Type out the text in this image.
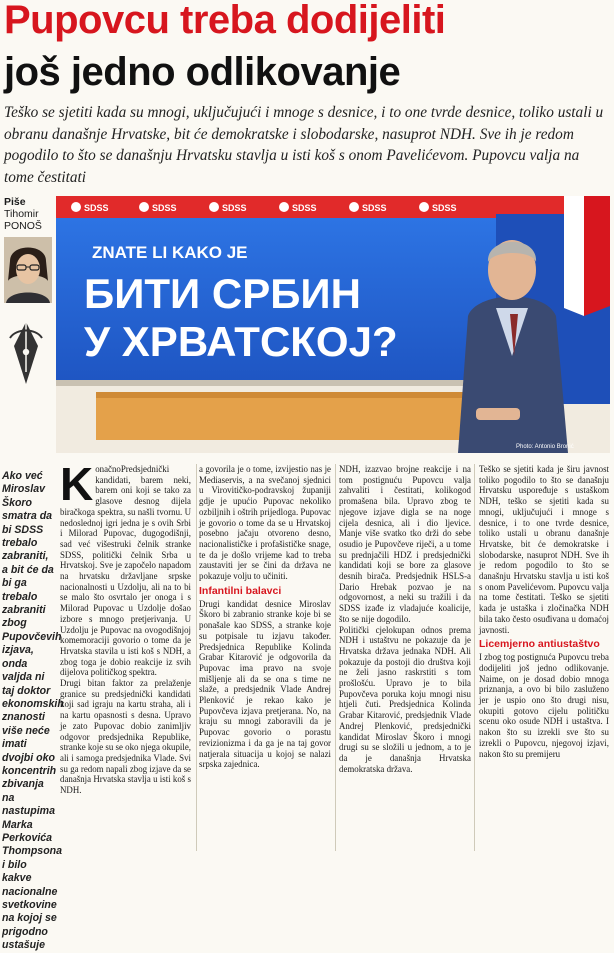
Pupovcu treba dodijeliti
još jedno odlikovanje
Teško se sjetiti kada su mnogi, uključujući i mnoge s desnice, i to one tvrde desnice, toliko ustali u obranu današnje Hrvatske, bit će demokratske i slobodarske, nasuprot NDH. Sve ih je redom pogodilo to što se današnju Hrvatsku stavlja u isti koš s onom Pavelićevom. Pupovcu valja na tome čestitati
Piše
Tihomir
PONOŠ
SDSS	SDSS	SDSS	SDSS	SDSS	SDSS
ZNATE LI KAKO JE
БИТИ СРБИН
У ХРВАТСКОЈ?
Photo: Antonio Bronić
Ako već Miroslav Škoro smatra da bi SDSS trebalo zabraniti, a bit će da bi ga trebalo zabraniti zbog Pupovčevih izjava, onda valjda ni taj doktor ekonomskih znanosti više neće imati dvojbi oko koncentrih zbivanja na nastupima Marka Perkovića Thompsona i bilo kakve nacionalne svetkovine na kojoj se prigodno ustašuje
K onačnoPredsjednički kandidati, barem neki, barem oni koji se tako za glasove desnog dijela biračkoga spektra, su našli tvornu. U nedoslednoj igri jedna je s ovih Srbi i Milorad Pupovac, dugogodišnji, sad već višestruki čelnik stranke SDSS, politički čelnik Srba u Hrvatskoj. Sve je započelo napadom na hrvatsku državljane srpske nacionalnosti u Uzdolju, ali na to bi se malo što osvrtalo jer onoga i s Milorad Pupovac u Uzdolje došao izbore s mnogo pretjerivanja. U Uzdolju je Pupovac na ovogodišnjoj komemoraciji govorio o tome da je Hrvatska stavila u isti koš s NDH, a zbog toga je dobio reakcije iz svih dijelova političkog spektra.

Drugi bitan faktor za prelaženje granice su predsjednički kandidati koji sad igraju na kartu straha, ali i na kartu opasnosti s desna. Upravo je zato Pupovac dobio zanimljiv odgovor predsjednika Republike, stranke koje su se oko njega okupile, ali i samoga predsjednika Vlade. Svi su ga redom napali zbog izjave da se današnja Hrvatska stavlja u isti koš s NDH.

a govorila je o tome, izvijestio nas je Mediaservis, a na svečanoj sjednici u Virovitičko-podravskoj županiji gdje je upućio Pupovac nekoliko ozbiljnih i oštrih prijedloga. Pupovac je govorio o tome da se u Hrvatskoj posebno jačaju otvoreno desno, nacionalističke i profašističke snage, te da je došlo vrijeme kad to treba zaustaviti jer se čini da država ne pokazuje volju to učiniti.

Infantilni balavci

Drugi kandidat desnice Miroslav Škoro bi zabranio stranke koje bi se ponašale kao SDSS, a strankе koje su potpisale tu izjavu također. Predsjednica Republike Kolinda Grabar Kitarović je odgovorila da Pupovac ima pravo na svoje mišljenje ali da se ona s time ne slaže, a predsjednik Vlade Andrej Plenković je rekao kako je Pupovčeva izjava pretjerana. No, na kraju su mnogi zaboravili da je Pupovac govorio o porastu revizionizma i da ga je na taj govor natjerala situacija u kojoj se nalazi srpska zajednica.

NDH, izazvao brojne reakcije i na tom postignuću Pupovcu valja zahvaliti i čestitati, kolikogod promašena bila. Upravo zbog te njegove izjave digla se na noge cijela desnica, ali i dio ljevice. Manje više svatko tko drži do sebe osudio je Pupovčeve riječi, a u tome su prednjačili HDZ i predsjednički kandidati koji se bore za glasove desnih birača. Predsjednik HSLS-a Dario Hrebak pozvao je na odgovornost, a neki su tražili i da SDSS izađe iz vladajuće koalicije, što se nije dogodilo.

Politički cjelokupan odnos prema NDH i ustaštvu ne pokazuje da je Hrvatska država jednaka NDH. Ali pokazuje da postoji dio društva koji ne želi jasno raskrstiti s tom prošlošću. Upravo je to bila Pupovčeva poruka koju mnogi nisu htjeli čuti. Predsjednica Kolinda Grabar Kitarović, predsjednik Vlade Andrej Plenković, predsjednički kandidat Miroslav Škoro i mnogi drugi su se složili u jednom, a to je da je današnja Hrvatska demokratska država.

Teško se sjetiti kada je širu javnost toliko pogodilo to što se današnju Hrvatsku uspoređuje s ustaškom NDH, teško se sjetiti kada su mnogi, uključujući i mnoge s desnice, i to one tvrde desnice, toliko ustali u obranu današnje Hrvatske, bit će demokratske i slobodarske, nasuprot NDH. Sve ih je redom pogodilo to što se današnju Hrvatsku stavlja u isti koš s onom Pavelićevom. Pupovcu valja na tome čestitati. Teško se sjetiti kada je ustaška i zločinačka NDH bila tako često osuđivana u domaćoj javnosti.

Licemjerno antiustaštvo

I zbog tog postignuća Pupovcu treba dodijeliti još jedno odlikovanje. Naime, on je dosad dobio mnoga priznanja, a ovo bi bilo zasluženo jer je uspio ono što drugi nisu, okupiti gotovo cijelu političku scenu oko osude NDH i ustaštva. I nakon što su izrekli sve što su izrekli o Pupovcu, njegovoj izjavi, nakon što su premijeru
